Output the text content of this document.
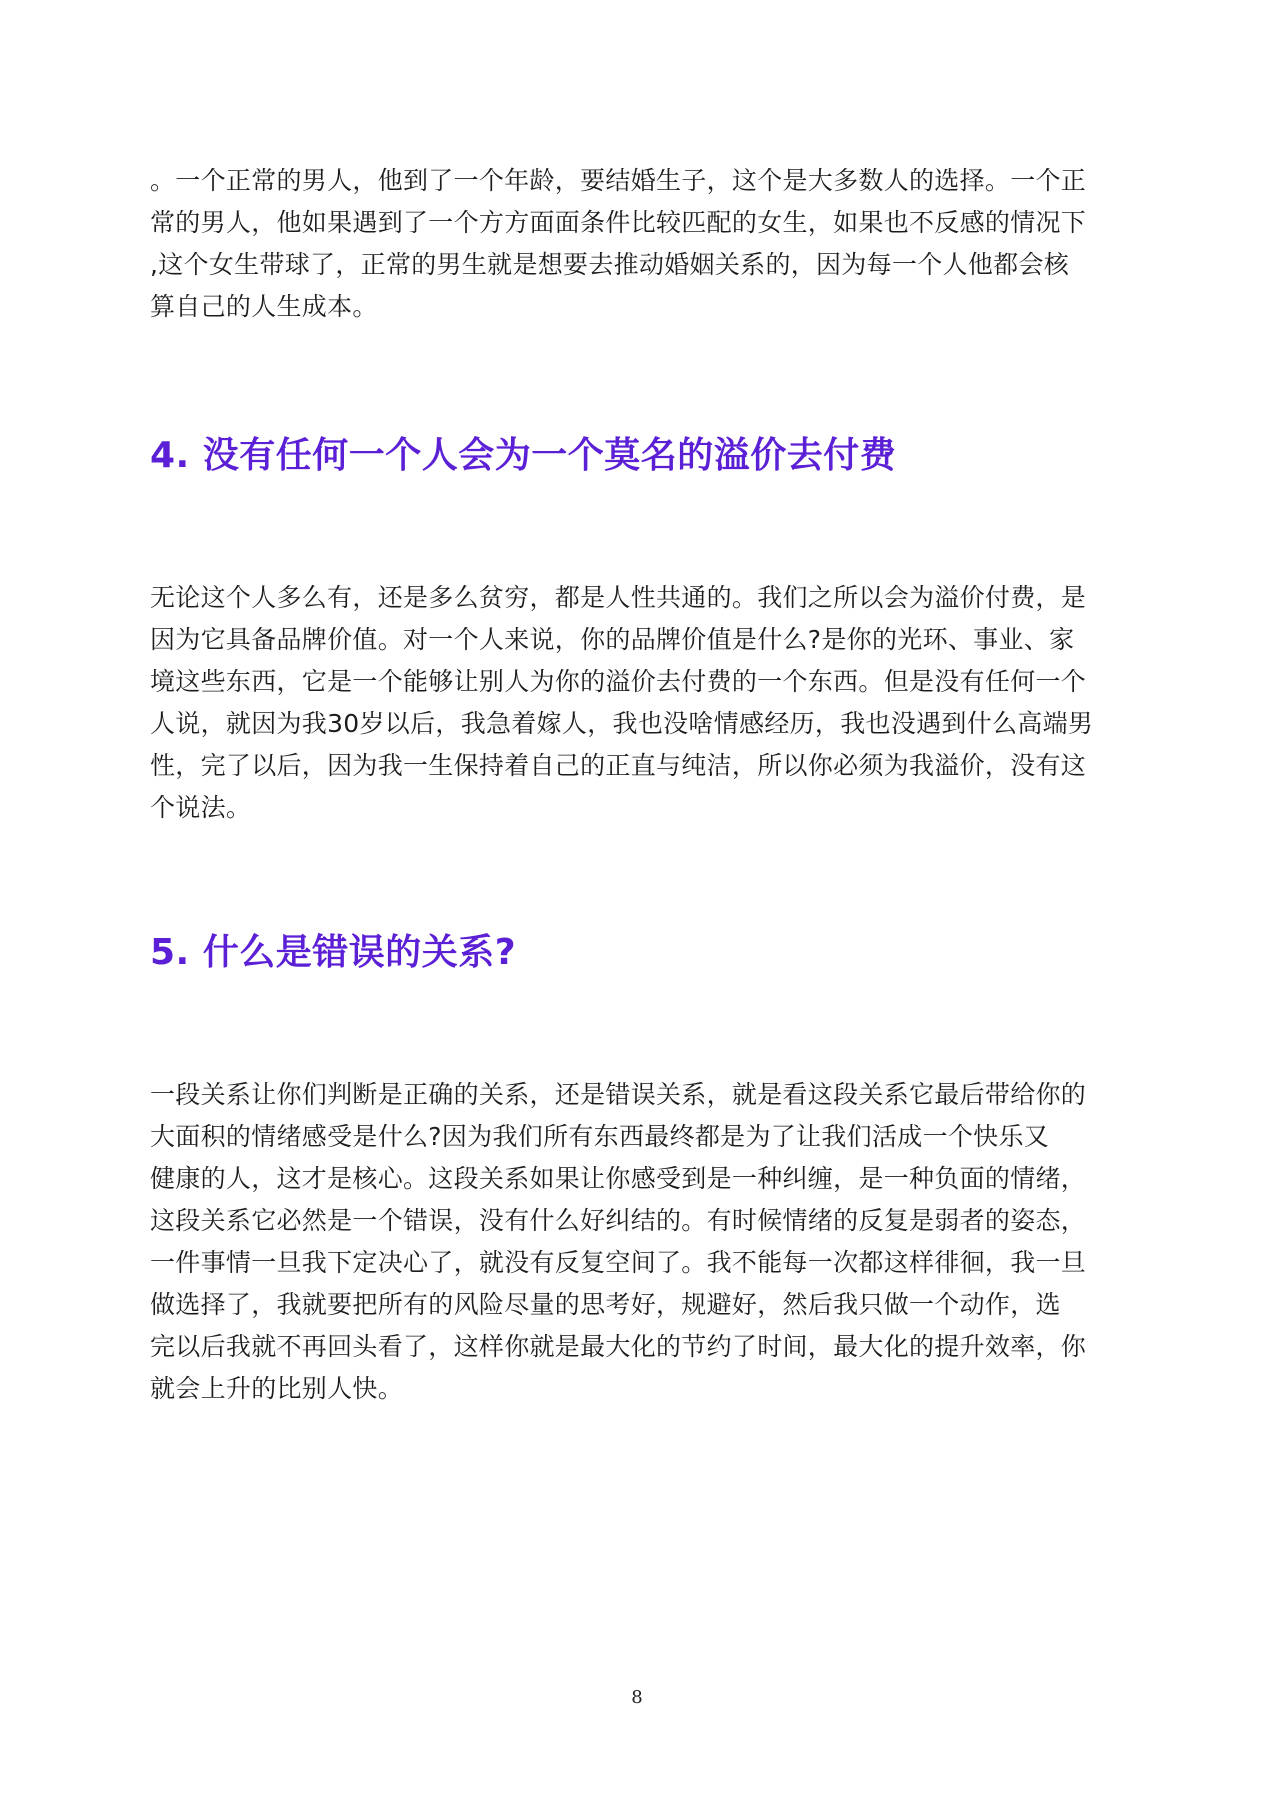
。一个正常的男人，他到了一个年龄，要结婚生子，这个是大多数人的选择。一个正
常的男人，他如果遇到了一个方方面面条件比较匹配的女生，如果也不反感的情况下
,这个女生带球了，正常的男生就是想要去推动婚姻关系的，因为每一个人他都会核
算自己的人生成本。
4. 没有任何一个人会为一个莫名的溢价去付费
无论这个人多么有，还是多么贫穷，都是人性共通的。我们之所以会为溢价付费，是
因为它具备品牌价值。对一个人来说，你的品牌价值是什么?是你的光环、事业、家
境这些东西，它是一个能够让别人为你的溢价去付费的一个东西。但是没有任何一个
人说，就因为我30岁以后，我急着嫁人，我也没啥情感经历，我也没遇到什么高端男
性，完了以后，因为我一生保持着自己的正直与纯洁，所以你必须为我溢价，没有这
个说法。
5. 什么是错误的关系?
一段关系让你们判断是正确的关系，还是错误关系，就是看这段关系它最后带给你的
大面积的情绪感受是什么?因为我们所有东西最终都是为了让我们活成一个快乐又
健康的人，这才是核心。这段关系如果让你感受到是一种纠缠，是一种负面的情绪，
这段关系它必然是一个错误，没有什么好纠结的。有时候情绪的反复是弱者的姿态，
一件事情一旦我下定决心了，就没有反复空间了。我不能每一次都这样徘徊，我一旦
做选择了，我就要把所有的风险尽量的思考好，规避好，然后我只做一个动作，选
完以后我就不再回头看了，这样你就是最大化的节约了时间，最大化的提升效率，你
就会上升的比别人快。
8
